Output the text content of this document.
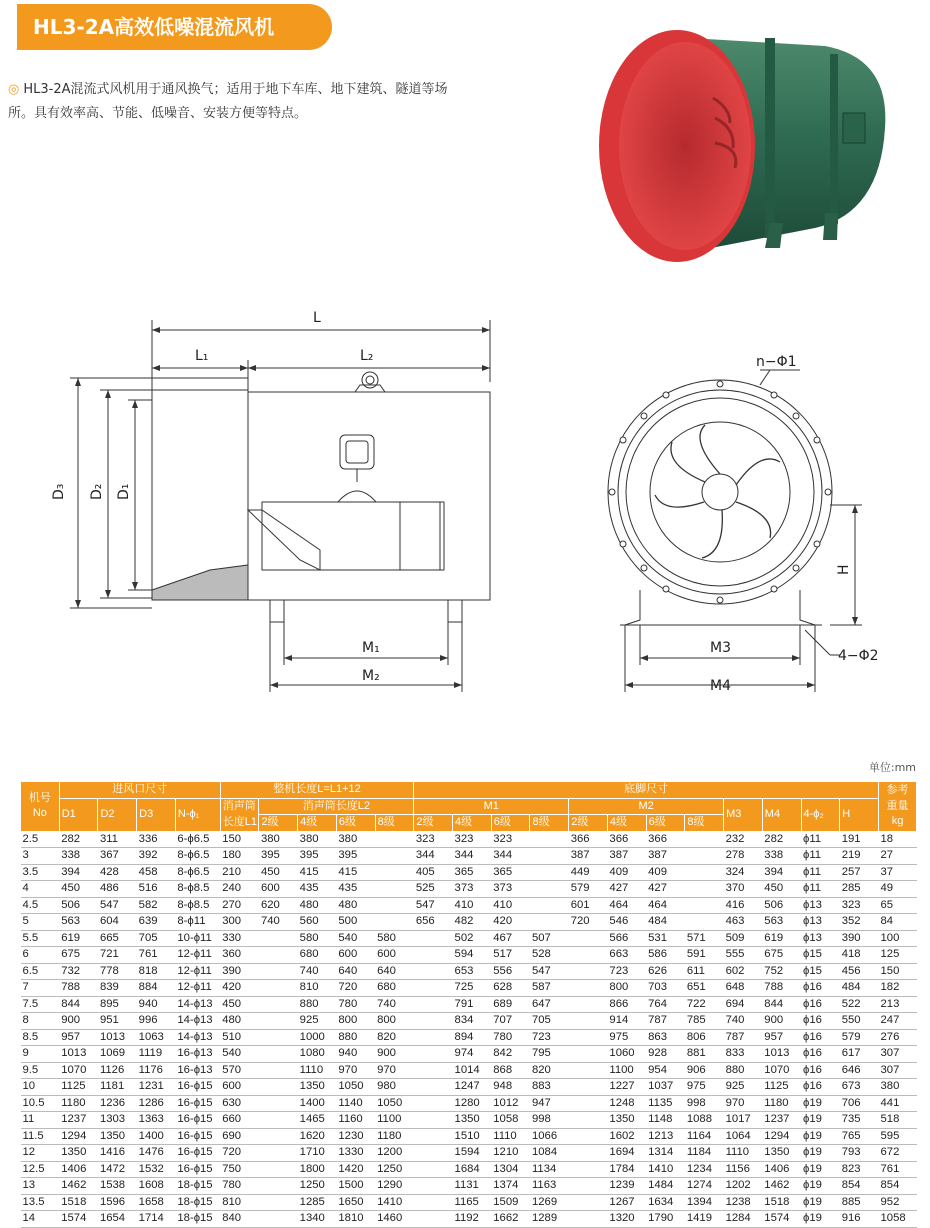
HL3-2A高效低噪混流风机
◎ HL3-2A混流式风机用于通风换气；适用于地下车库、地下建筑、隧道等场
所。具有效率高、节能、低噪音、安装方便等特点。
L
L₁	L₂
D₃ D₂ D₁
M₁
M₂
n−Φ1
H
M3
M4
4−Φ2
单位:mm
机号
No	进风口尺寸				整机长度L=L1+12					底脚尺寸												参考
重量
kg
	D1	D2	D3	N-ϕ₁	消声筒
长度L1	消声筒长度L2				M1				M2				M3	M4	4-ϕ₂	H	
						2级	4级	6级	8级	2级	4级	6级	8级	2级	4级	6级	8级					
2.5	282	311	336	6-ϕ6.5	150	380	380	380		323	323	323		366	366	366		232	282	ϕ11	191	18
3	338	367	392	8-ϕ6.5	180	395	395	395		344	344	344		387	387	387		278	338	ϕ11	219	27
3.5	394	428	458	8-ϕ6.5	210	450	415	415		405	365	365		449	409	409		324	394	ϕ11	257	37
4	450	486	516	8-ϕ8.5	240	600	435	435		525	373	373		579	427	427		370	450	ϕ11	285	49
4.5	506	547	582	8-ϕ8.5	270	620	480	480		547	410	410		601	464	464		416	506	ϕ13	323	65
5	563	604	639	8-ϕ11	300	740	560	500		656	482	420		720	546	484		463	563	ϕ13	352	84
5.5	619	665	705	10-ϕ11	330		580	540	580		502	467	507		566	531	571	509	619	ϕ13	390	100
6	675	721	761	12-ϕ11	360		680	600	600		594	517	528		663	586	591	555	675	ϕ15	418	125
6.5	732	778	818	12-ϕ11	390		740	640	640		653	556	547		723	626	611	602	752	ϕ15	456	150
7	788	839	884	12-ϕ11	420		810	720	680		725	628	587		800	703	651	648	788	ϕ16	484	182
7.5	844	895	940	14-ϕ13	450		880	780	740		791	689	647		866	764	722	694	844	ϕ16	522	213
8	900	951	996	14-ϕ13	480		925	800	800		834	707	705		914	787	785	740	900	ϕ16	550	247
8.5	957	1013	1063	14-ϕ13	510		1000	880	820		894	780	723		975	863	806	787	957	ϕ16	579	276
9	1013	1069	1119	16-ϕ13	540		1080	940	900		974	842	795		1060	928	881	833	1013	ϕ16	617	307
9.5	1070	1126	1176	16-ϕ13	570		1110	970	970		1014	868	820		1100	954	906	880	1070	ϕ16	646	307
10	1125	1181	1231	16-ϕ15	600		1350	1050	980		1247	948	883		1227	1037	975	925	1125	ϕ16	673	380
10.5	1180	1236	1286	16-ϕ15	630		1400	1140	1050		1280	1012	947		1248	1135	998	970	1180	ϕ19	706	441
11	1237	1303	1363	16-ϕ15	660		1465	1160	1100		1350	1058	998		1350	1148	1088	1017	1237	ϕ19	735	518
11.5	1294	1350	1400	16-ϕ15	690		1620	1230	1180		1510	1110	1066		1602	1213	1164	1064	1294	ϕ19	765	595
12	1350	1416	1476	16-ϕ15	720		1710	1330	1200		1594	1210	1084		1694	1314	1184	1110	1350	ϕ19	793	672
12.5	1406	1472	1532	16-ϕ15	750		1800	1420	1250		1684	1304	1134		1784	1410	1234	1156	1406	ϕ19	823	761
13	1462	1538	1608	18-ϕ15	780		1250	1500	1290		1131	1374	1163		1239	1484	1274	1202	1462	ϕ19	854	854
13.5	1518	1596	1658	18-ϕ15	810		1285	1650	1410		1165	1509	1269		1267	1634	1394	1238	1518	ϕ19	885	952
14	1574	1654	1714	18-ϕ15	840		1340	1810	1460		1192	1662	1289		1320	1790	1419	1284	1574	ϕ19	916	1058
